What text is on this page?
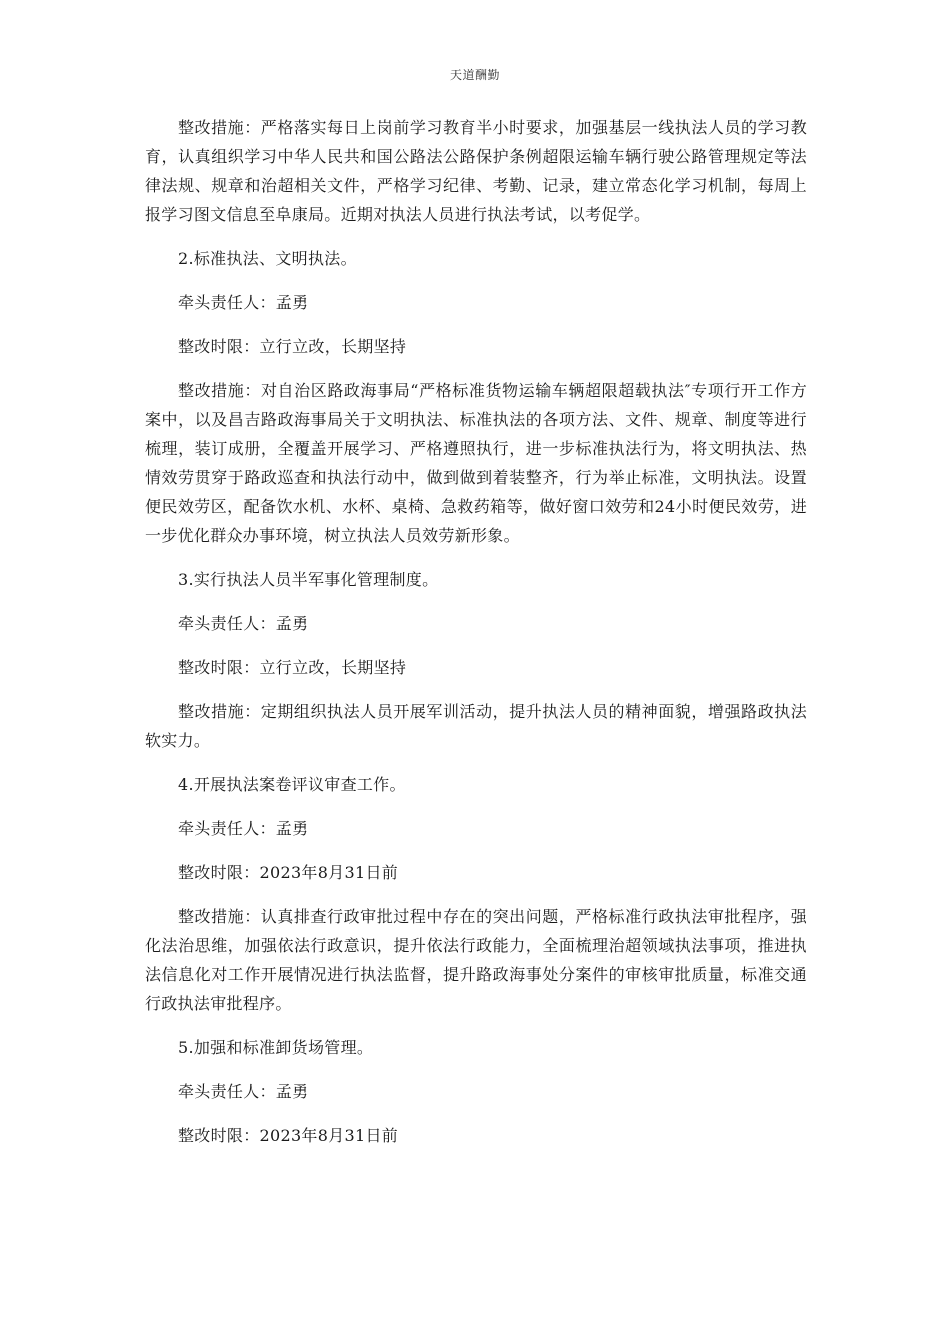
天道酬勤

整改措施：严格落实每日上岗前学习教育半小时要求，加强基层一线执法人员的学习教育，认真组织学习中华人民共和国公路法公路保护条例超限运输车辆行驶公路管理规定等法律法规、规章和治超相关文件，严格学习纪律、考勤、记录，建立常态化学习机制，每周上报学习图文信息至阜康局。近期对执法人员进行执法考试，以考促学。

2.标准执法、文明执法。

牵头责任人：孟勇

整改时限：立行立改，长期坚持

整改措施：对自治区路政海事局“严格标准货物运输车辆超限超载执法″专项行开工作方案中，以及昌吉路政海事局关于文明执法、标准执法的各项方法、文件、规章、制度等进行梳理，装订成册，全覆盖开展学习、严格遵照执行，进一步标准执法行为，将文明执法、热情效劳贯穿于路政巡查和执法行动中，做到做到着装整齐，行为举止标准，文明执法。设置便民效劳区，配备饮水机、水杯、桌椅、急救药箱等，做好窗口效劳和24小时便民效劳，进一步优化群众办事环境，树立执法人员效劳新形象。

3.实行执法人员半军事化管理制度。

牵头责任人：孟勇

整改时限：立行立改，长期坚持

整改措施：定期组织执法人员开展军训活动，提升执法人员的精神面貌，增强路政执法软实力。

4.开展执法案卷评议审查工作。

牵头责任人：孟勇

整改时限：2023年8月31日前

整改措施：认真排查行政审批过程中存在的突出问题，严格标准行政执法审批程序，强化法治思维，加强依法行政意识，提升依法行政能力，全面梳理治超领域执法事项，推进执法信息化对工作开展情况进行执法监督，提升路政海事处分案件的审核审批质量，标准交通行政执法审批程序。

5.加强和标准卸货场管理。

牵头责任人：孟勇

整改时限：2023年8月31日前
